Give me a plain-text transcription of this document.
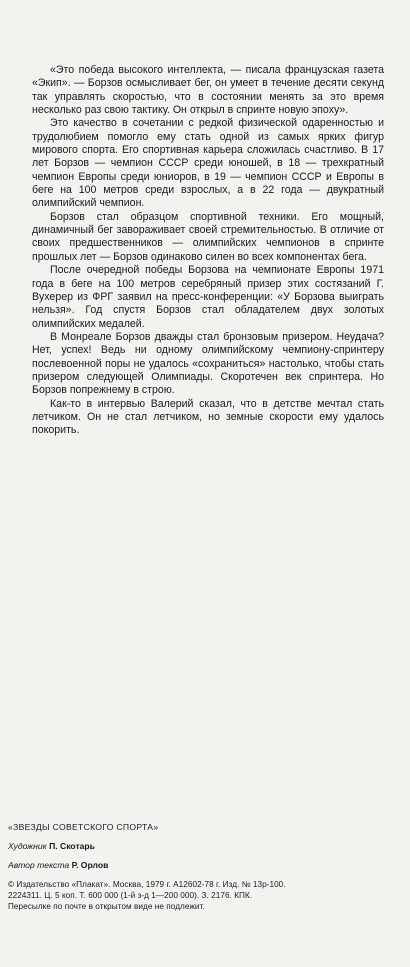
«Это победа высокого интеллекта, — писала французская газета «Экип». — Борзов осмысливает бег, он умеет в течение десяти секунд так управлять скоростью, что в состоянии менять за это время несколько раз свою тактику. Он открыл в спринте новую эпоху».

Это качество в сочетании с редкой физической одаренностью и трудолюбием помогло ему стать одной из самых ярких фигур мирового спорта. Его спортивная карьера сложилась счастливо. В 17 лет Борзов — чемпион СССР среди юношей, в 18 — трехкратный чемпион Европы среди юниоров, в 19 — чемпион СССР и Европы в беге на 100 метров среди взрослых, а в 22 года — двукратный олимпийский чемпион.

Борзов стал образцом спортивной техники. Его мощный, динамичный бег завораживает своей стремительностью. В отличие от своих предшественников — олимпийских чемпионов в спринте прошлых лет — Борзов одинаково силен во всех компонентах бега.

После очередной победы Борзова на чемпионате Европы 1971 года в беге на 100 метров серебряный призер этих состязаний Г. Вухерер из ФРГ заявил на пресс-конференции: «У Борзова выиграть нельзя». Год спустя Борзов стал обладателем двух золотых олимпийских медалей.

В Монреале Борзов дважды стал бронзовым призером. Неудача? Нет, успех! Ведь ни одному олимпийскому чемпиону-спринтеру послевоенной поры не удалось «сохраниться» настолько, чтобы стать призером следующей Олимпиады. Скоротечен век спринтера. Но Борзов попрежнему в строю.

Как-то в интервью Валерий сказал, что в детстве мечтал стать летчиком. Он не стал летчиком, но земные скорости ему удалось покорить.

«ЗВЕЗДЫ СОВЕТСКОГО СПОРТА»
Художник П. Скотарь
Автор текста Р. Орлов
© Издательство «Плакат». Москва, 1979 г. А12602-78 г. Изд. № 13р-100.
2224311. Ц. 5 коп. Т. 600 000 (1-й з-д 1—200 000). З. 2176. КПК.
Пересылке по почте в открытом виде не подлежит.
